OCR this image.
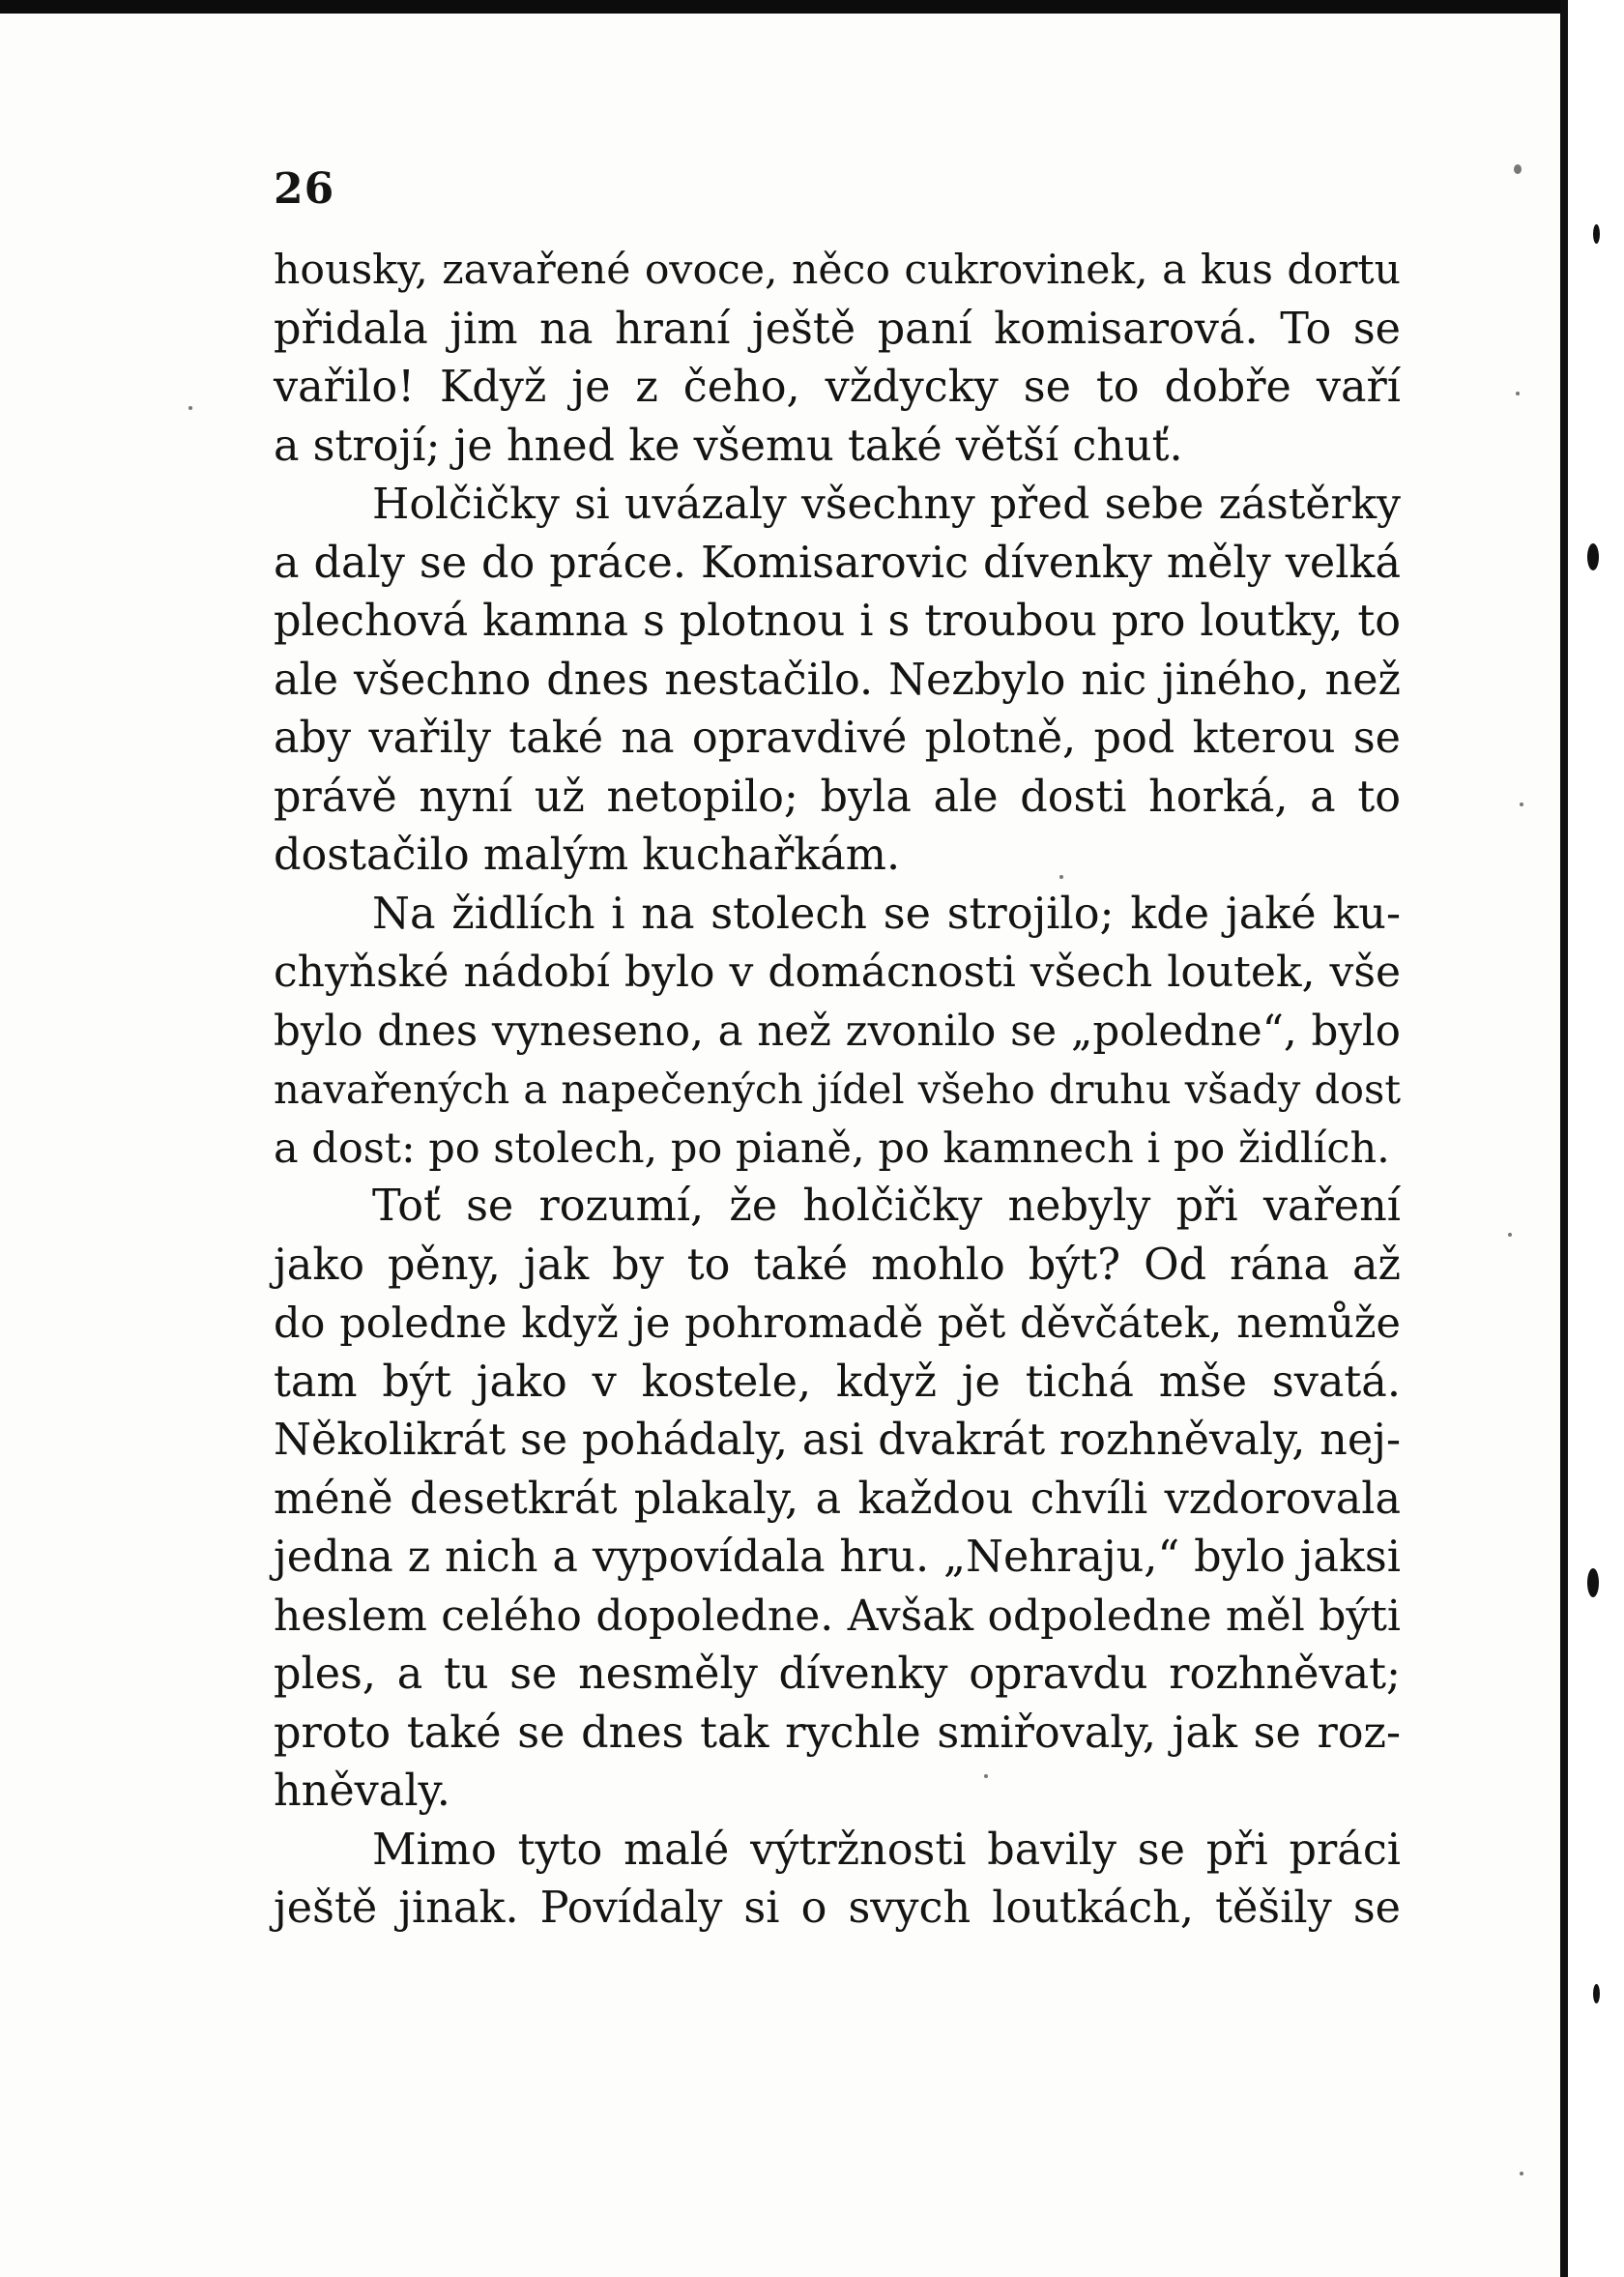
26
housky, zavařené ovoce, něco cukrovinek, a kus dortu
přidala jim na hraní ještě paní komisarová. To se
vařilo! Když je z čeho, vždycky se to dobře vaří
a strojí; je hned ke všemu také větší chuť.
Holčičky si uvázaly všechny před sebe zástěrky
a daly se do práce. Komisarovic dívenky měly velká
plechová kamna s plotnou i s troubou pro loutky, to
ale všechno dnes nestačilo. Nezbylo nic jiného, než
aby vařily také na opravdivé plotně, pod kterou se
právě nyní už netopilo; byla ale dosti horká, a to
dostačilo malým kuchařkám.
Na židlích i na stolech se strojilo; kde jaké ku-
chyňské nádobí bylo v domácnosti všech loutek, vše
bylo dnes vyneseno, a než zvonilo se „poledne“, bylo
navařených a napečených jídel všeho druhu všady dost
a dost: po stolech, po pianě, po kamnech i po židlích.
Toť se rozumí, že holčičky nebyly při vaření
jako pěny, jak by to také mohlo být? Od rána až
do poledne když je pohromadě pět děvčátek, nemůže
tam být jako v kostele, když je tichá mše svatá.
Několikrát se pohádaly, asi dvakrát rozhněvaly, nej-
méně desetkrát plakaly, a každou chvíli vzdorovala
jedna z nich a vypovídala hru. „Nehraju,“ bylo jaksi
heslem celého dopoledne. Avšak odpoledne měl býti
ples, a tu se nesměly dívenky opravdu rozhněvat;
proto také se dnes tak rychle smiřovaly, jak se roz-
hněvaly.
Mimo tyto malé výtržnosti bavily se při práci
ještě jinak. Povídaly si o svych loutkách, těšily se
